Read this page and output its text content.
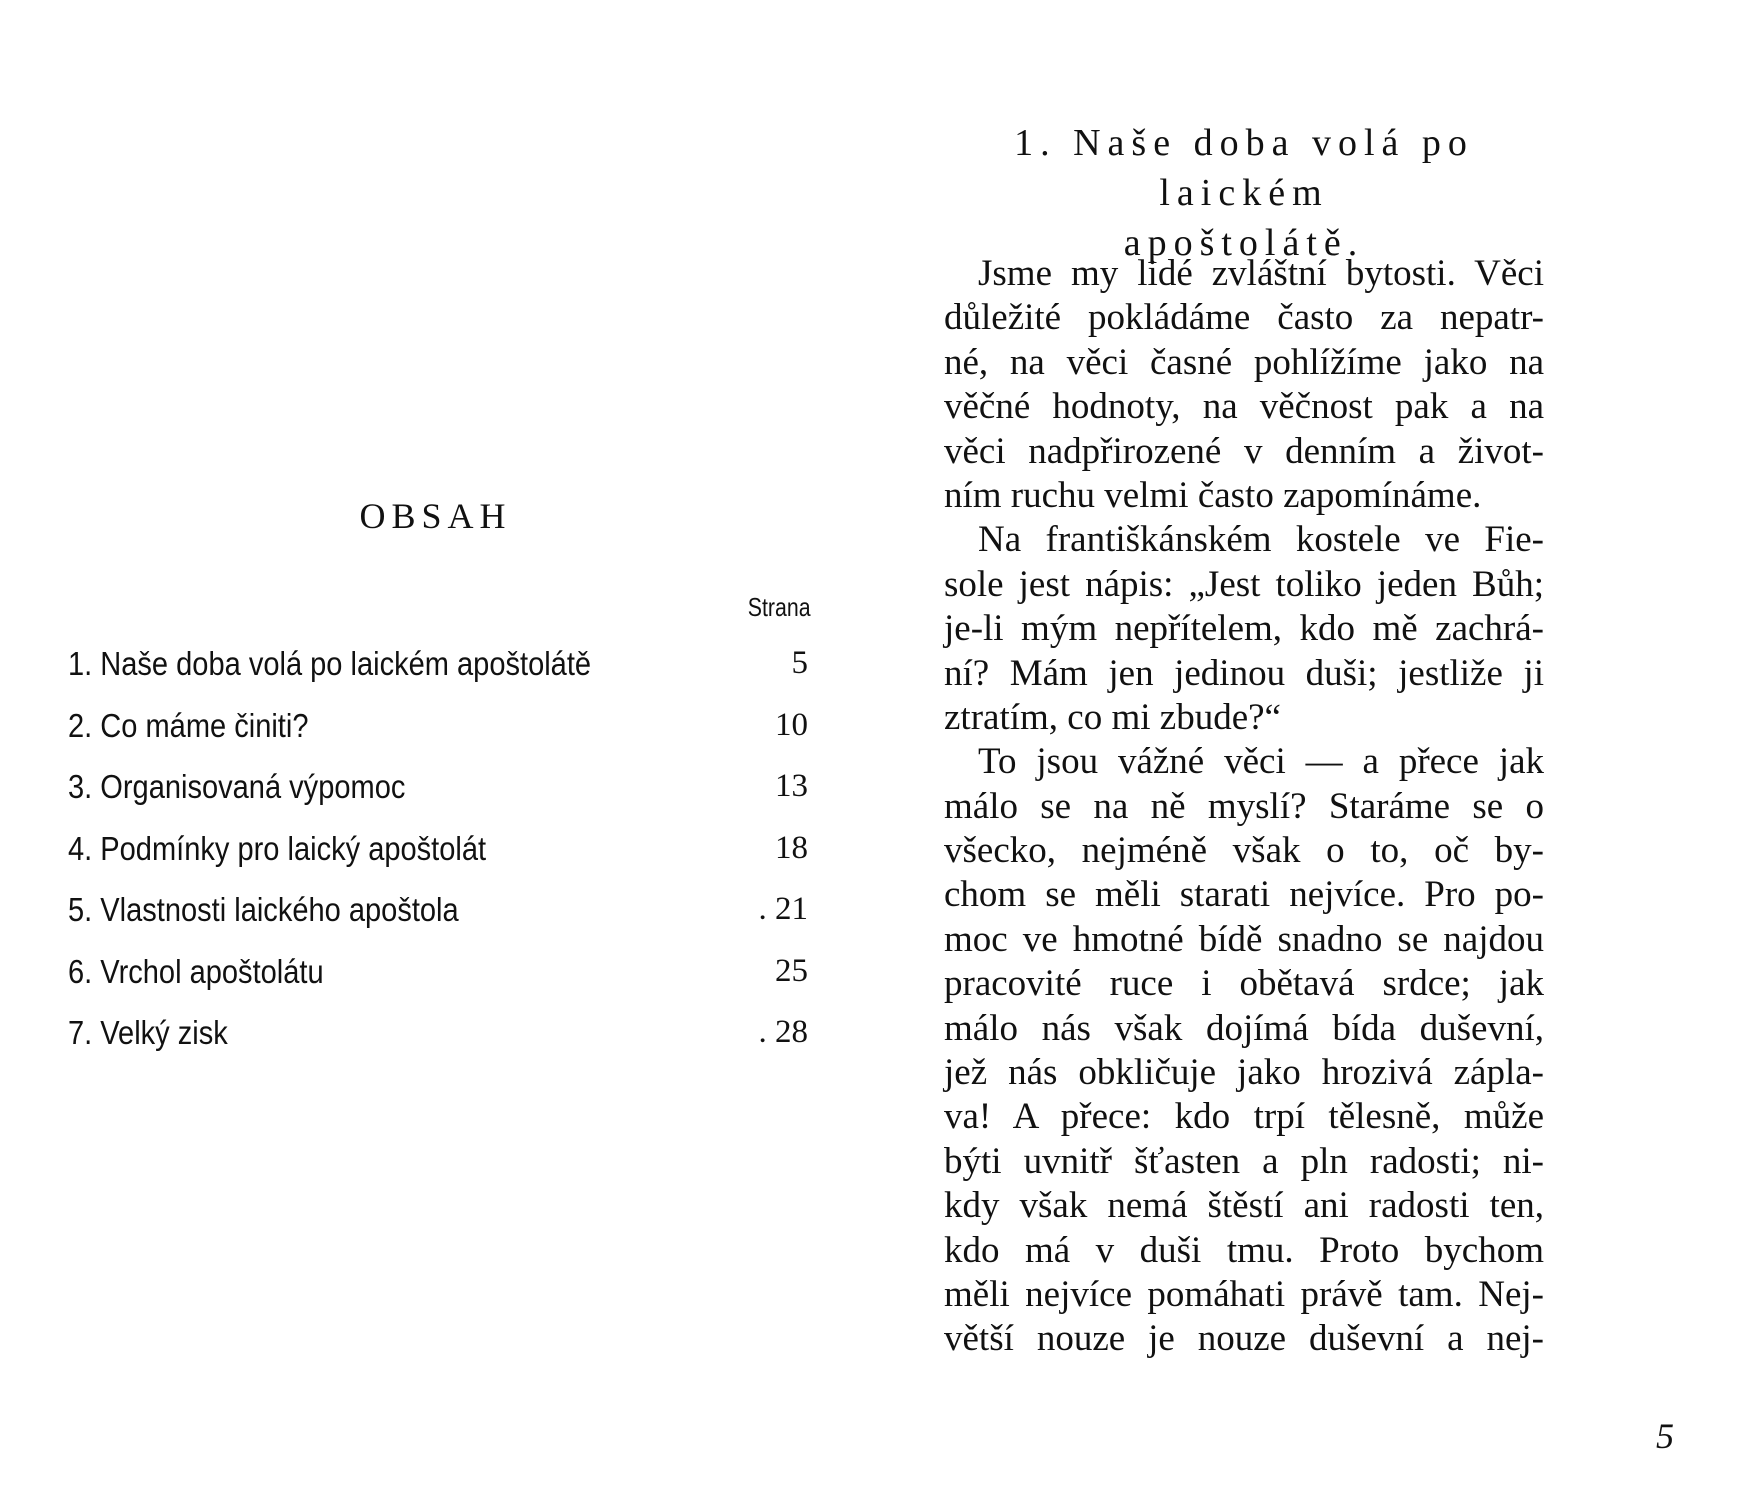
OBSAH
Strana
1. Naše doba volá po laickém apoštolátě	5
2. Co máme činiti?	10
3. Organisovaná výpomoc	13
4. Podmínky pro laický apoštolát	18
5. Vlastnosti laického apoštola	. 21
6. Vrchol apoštolátu	25
7. Velký zisk	. 28
1. Naše doba volá po laickém
apoštolátě.
Jsme my lidé zvláštní bytosti. Věci
důležité pokládáme často za nepatr-
né, na věci časné pohlížíme jako na
věčné hodnoty, na věčnost pak a na
věci nadpřirozené v denním a život-
ním ruchu velmi často zapomínáme.
Na františkánském kostele ve Fie-
sole jest nápis: „Jest toliko jeden Bůh;
je-li mým nepřítelem, kdo mě zachrá-
ní? Mám jen jedinou duši; jestliže ji
ztratím, co mi zbude?“
To jsou vážné věci — a přece jak
málo se na ně myslí? Staráme se o
všecko, nejméně však o to, oč by-
chom se měli starati nejvíce. Pro po-
moc ve hmotné bídě snadno se najdou
pracovité ruce i obětavá srdce; jak
málo nás však dojímá bída duševní,
jež nás obkličuje jako hrozivá zápla-
va! A přece: kdo trpí tělesně, může
býti uvnitř šťasten a pln radosti; ni-
kdy však nemá štěstí ani radosti ten,
kdo má v duši tmu. Proto bychom
měli nejvíce pomáhati právě tam. Nej-
větší nouze je nouze duševní a nej-
5
